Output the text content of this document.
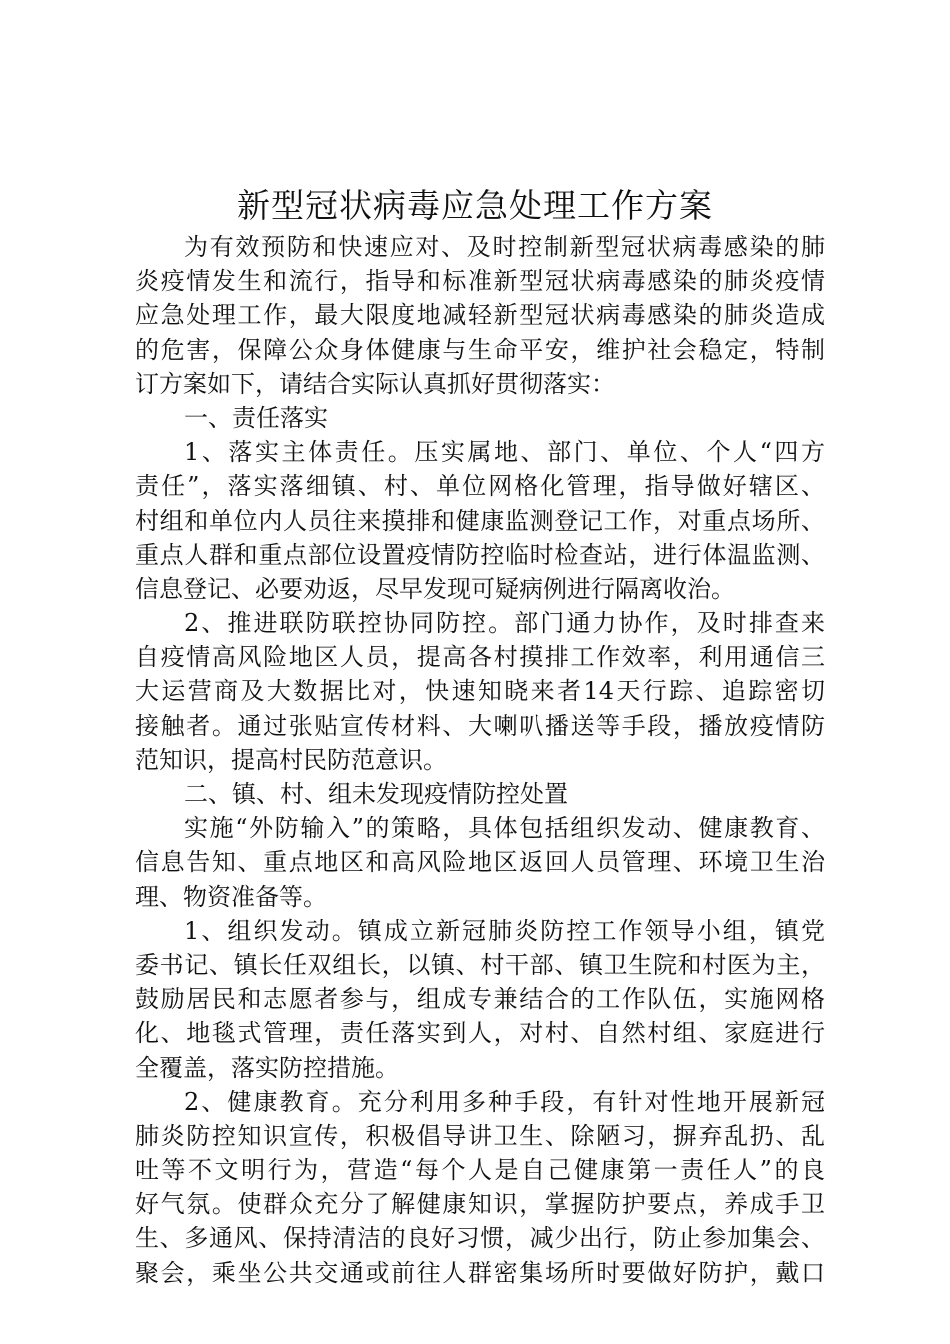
新型冠状病毒应急处理工作方案
为有效预防和快速应对、及时控制新型冠状病毒感染的肺
炎疫情发生和流行，指导和标准新型冠状病毒感染的肺炎疫情
应急处理工作，最大限度地减轻新型冠状病毒感染的肺炎造成
的危害，保障公众身体健康与生命平安，维护社会稳定，特制
订方案如下，请结合实际认真抓好贯彻落实：
一、责任落实
1、落实主体责任。压实属地、部门、单位、个人“四方
责任”，落实落细镇、村、单位网格化管理，指导做好辖区、
村组和单位内人员往来摸排和健康监测登记工作，对重点场所、
重点人群和重点部位设置疫情防控临时检查站，进行体温监测、
信息登记、必要劝返，尽早发现可疑病例进行隔离收治。
2、推进联防联控协同防控。部门通力协作，及时排查来
自疫情高风险地区人员，提高各村摸排工作效率，利用通信三
大运营商及大数据比对，快速知晓来者14天行踪、追踪密切
接触者。通过张贴宣传材料、大喇叭播送等手段，播放疫情防
范知识，提高村民防范意识。
二、镇、村、组未发现疫情防控处置
实施“外防输入”的策略，具体包括组织发动、健康教育、
信息告知、重点地区和高风险地区返回人员管理、环境卫生治
理、物资准备等。
1、组织发动。镇成立新冠肺炎防控工作领导小组，镇党
委书记、镇长任双组长，以镇、村干部、镇卫生院和村医为主，
鼓励居民和志愿者参与，组成专兼结合的工作队伍，实施网格
化、地毯式管理，责任落实到人，对村、自然村组、家庭进行
全覆盖，落实防控措施。
2、健康教育。充分利用多种手段，有针对性地开展新冠
肺炎防控知识宣传，积极倡导讲卫生、除陋习，摒弃乱扔、乱
吐等不文明行为，营造“每个人是自己健康第一责任人”的良
好气氛。使群众充分了解健康知识，掌握防护要点，养成手卫
生、多通风、保持清洁的良好习惯，减少出行，防止参加集会、
聚会，乘坐公共交通或前往人群密集场所时要做好防护，戴口
